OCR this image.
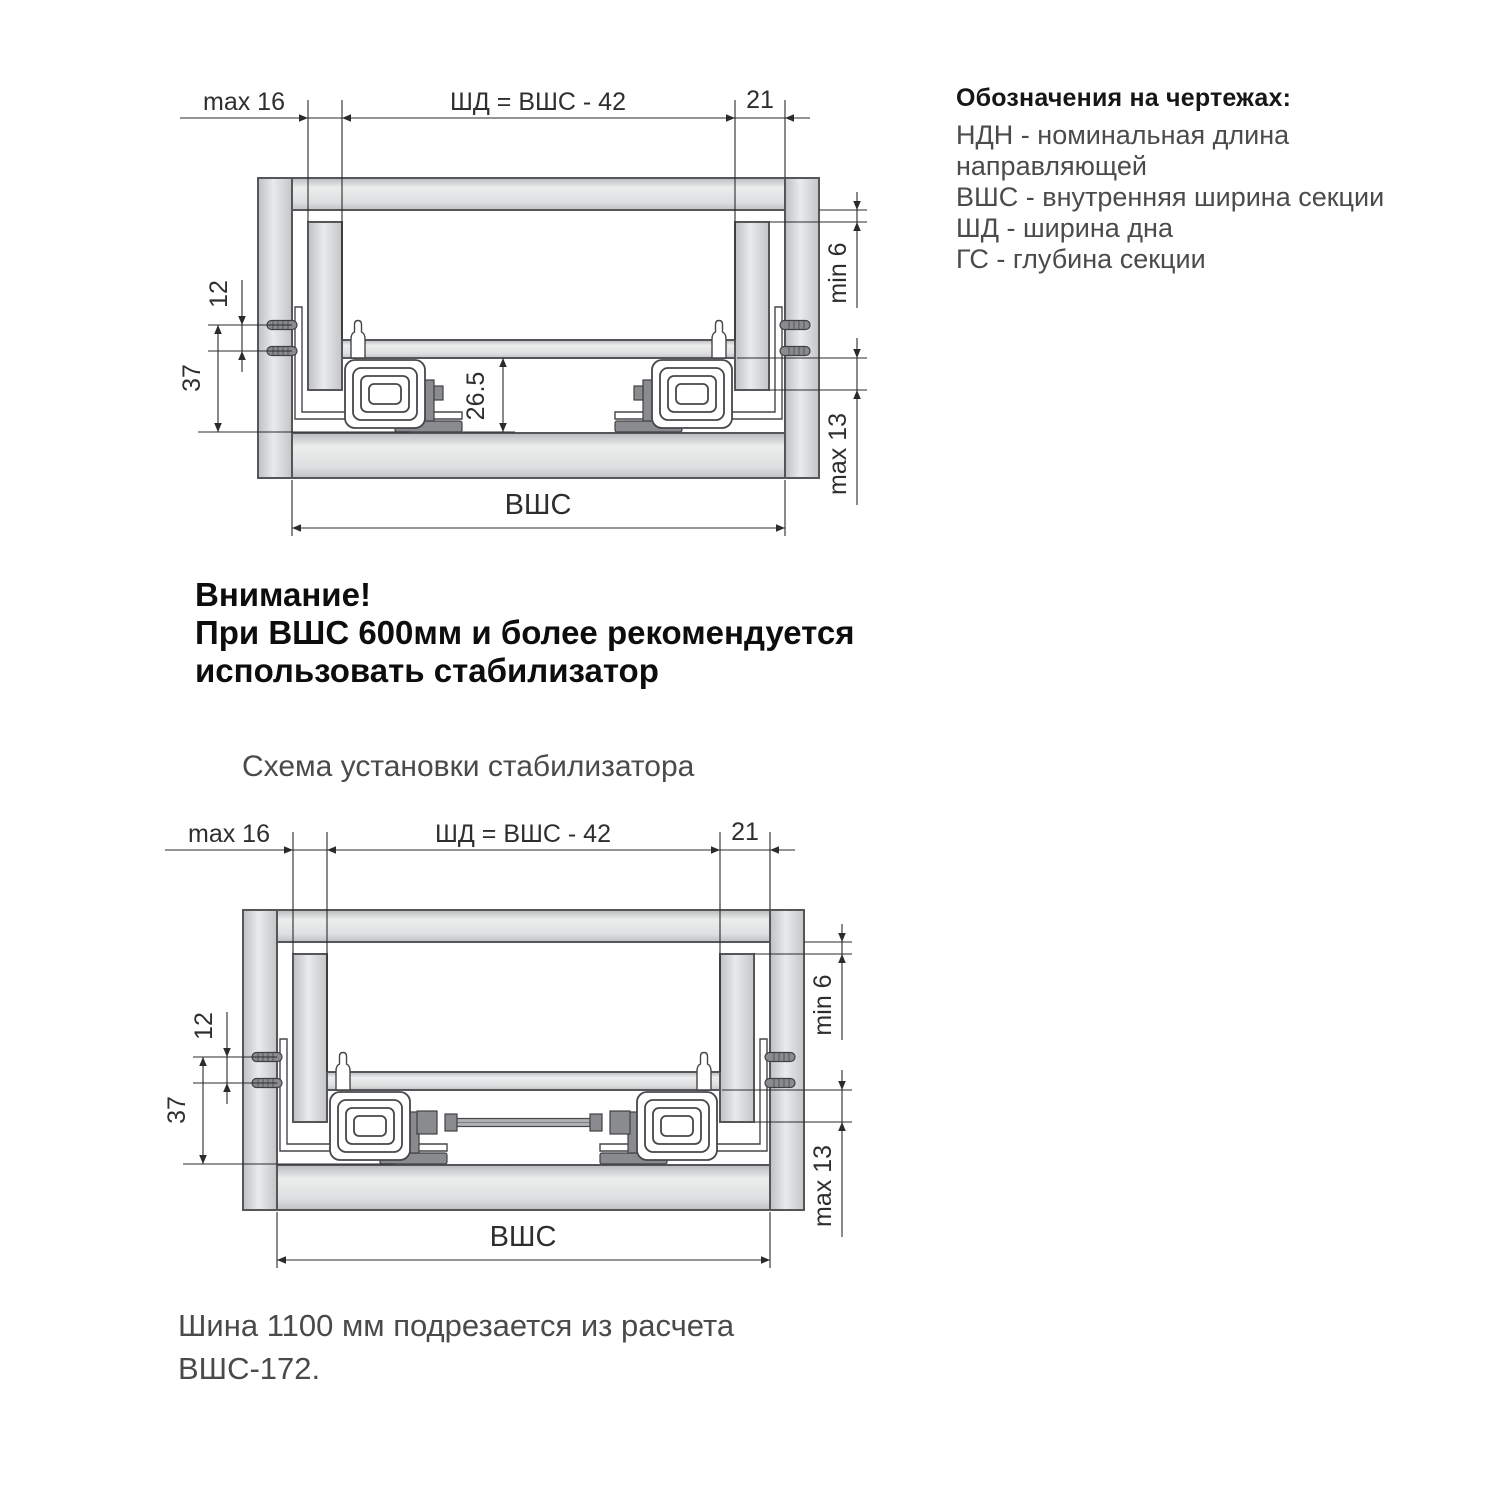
max 16	ШД = ВШС - 42	21
12
37	26.5
min 6
max 13
ВШС
Обозначения на чертежах:
НДН - номинальная длина
направляющей
ВШС - внутренняя ширина секции
ШД - ширина дна
ГС - глубина секции
Внимание!
При ВШС 600мм и более рекомендуется
использовать стабилизатор
Схема установки стабилизатора
max 16	ШД = ВШС - 42	21
12
37
min 6
max 13
ВШС
Шина 1100 мм подрезается из расчета
ВШС-172.
